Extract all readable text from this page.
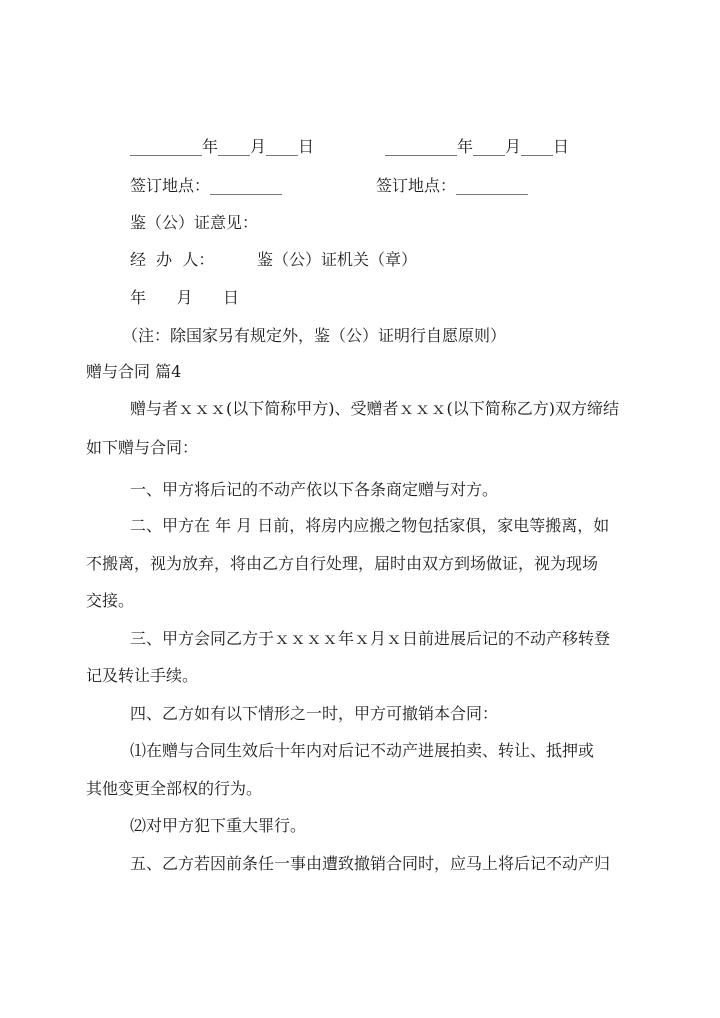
_________年____月____日	_________年____月____日
签订地点：_________	签订地点：_________
鉴（公）证意见：
经  办  人：	鉴（公）证机关（章）
年      月      日
（注：除国家另有规定外，鉴（公）证明行自愿原则）
赠与合同 篇4
赠与者ｘｘｘ(以下简称甲方)、受赠者ｘｘｘ(以下简称乙方)双方缔结
如下赠与合同：
一、甲方将后记的不动产依以下各条商定赠与对方。
二、甲方在 年 月 日前，将房内应搬之物包括家俱，家电等搬离，如
不搬离，视为放弃，将由乙方自行处理，届时由双方到场做证，视为现场
交接。
三、甲方会同乙方于ｘｘｘｘ年ｘ月ｘ日前进展后记的不动产移转登
记及转让手续。
四、乙方如有以下情形之一时，甲方可撤销本合同：
⑴在赠与合同生效后十年内对后记不动产进展拍卖、转让、抵押或
其他变更全部权的行为。
⑵对甲方犯下重大罪行。
五、乙方若因前条任一事由遭致撤销合同时，应马上将后记不动产归
